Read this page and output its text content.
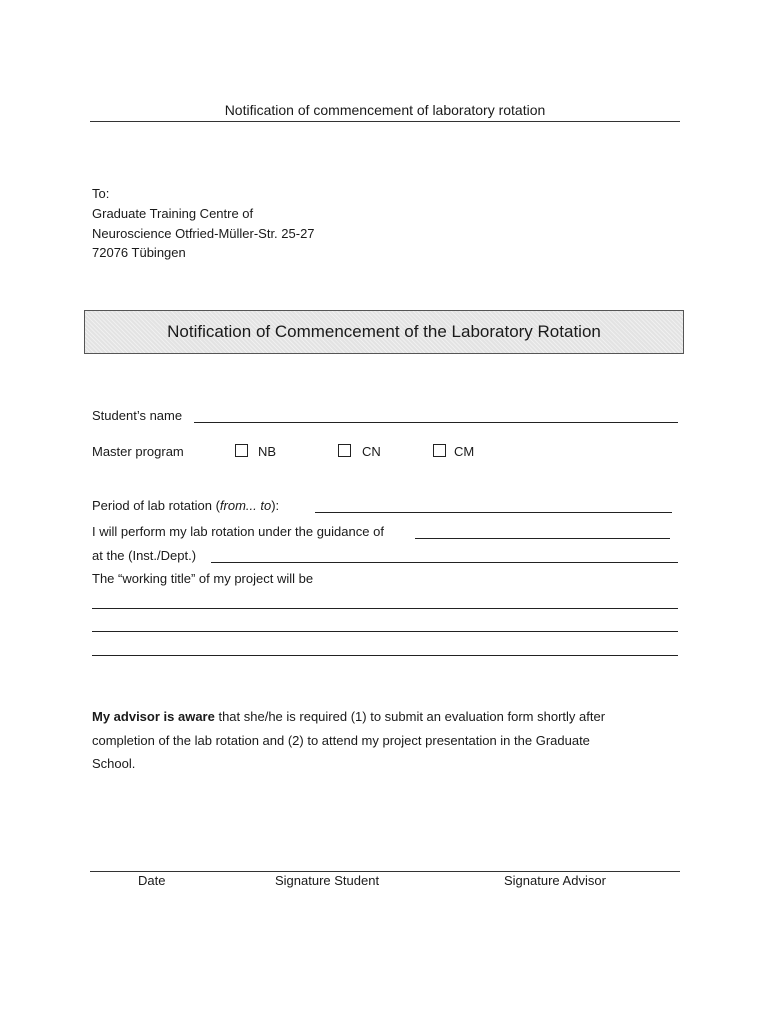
Notification of commencement of laboratory rotation
To:
Graduate Training Centre of
Neuroscience Otfried-Müller-Str. 25-27
72076 Tübingen
Notification of Commencement of the Laboratory Rotation
Student’s name
Master program	NB	CN	CM
Period of lab rotation (from... to):
I will perform my lab rotation under the guidance of
at the (Inst./Dept.)
The “working title” of my project will be
My advisor is aware that she/he is required (1) to submit an evaluation form shortly after
completion of the lab rotation and (2) to attend my project presentation in the Graduate
School.
Date	Signature Student	Signature Advisor
